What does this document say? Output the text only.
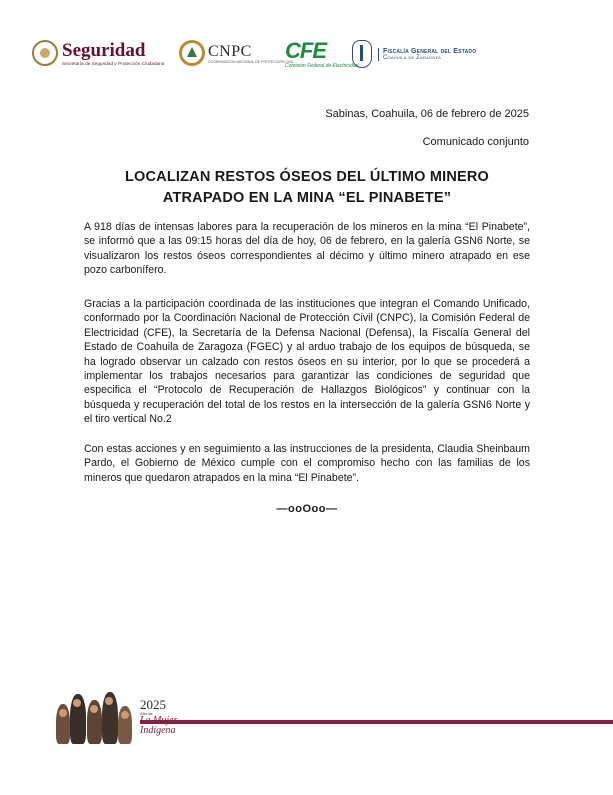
Seguridad
Secretaría de Seguridad y Protección Ciudadana
CNPC
COORDINACIÓN NACIONAL DE PROTECCIÓN CIVIL
CFE
Comisión Federal de Electricidad
Fiscalía General del Estado
Coahuila de Zaragoza
Sabinas, Coahuila, 06 de febrero de 2025
Comunicado conjunto
LOCALIZAN RESTOS ÓSEOS DEL ÚLTIMO MINERO
ATRAPADO EN LA MINA “EL PINABETE”
A 918 días de intensas labores para la recuperación de los mineros en la mina “El Pinabete”, se informó que a las 09:15 horas del día de hoy, 06 de febrero, en la galería GSN6 Norte, se visualizaron los restos óseos correspondientes al décimo y último minero atrapado en ese pozo carbonífero.
Gracias a la participación coordinada de las instituciones que integran el Comando Unificado, conformado por la Coordinación Nacional de Protección Civil (CNPC), la Comisión Federal de Electricidad (CFE), la Secretaría de la Defensa Nacional (Defensa), la Fiscalía General del Estado de Coahuila de Zaragoza (FGEC) y al arduo trabajo de los equipos de búsqueda, se ha logrado observar un calzado con restos óseos en su interior, por lo que se procederá a implementar los trabajos necesarios para garantizar las condiciones de seguridad que especifica el “Protocolo de Recuperación de Hallazgos Biológicos” y continuar con la búsqueda y recuperación del total de los restos en la intersección de la galería GSN6 Norte y el tiro vertical No.2
Con estas acciones y en seguimiento a las instrucciones de la presidenta, Claudia Sheinbaum Pardo, el Gobierno de México cumple con el compromiso hecho con las familias de los mineros que quedaron atrapados en la mina “El Pinabete”.
—ooOoo—
2025
Año de
Indígena
